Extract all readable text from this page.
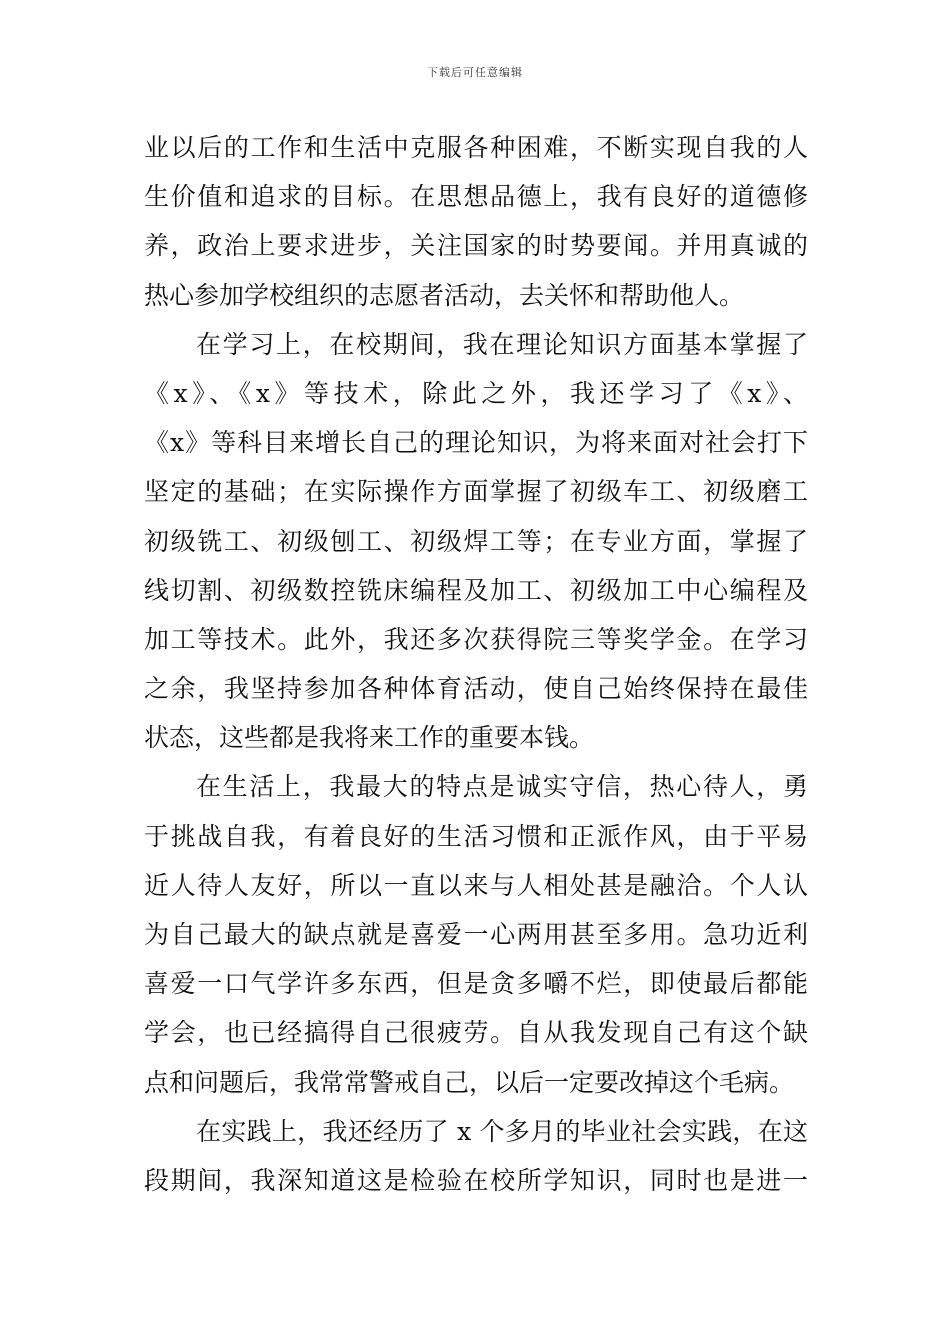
下载后可任意编辑
业以后的工作和生活中克服各种困难，不断实现自我的人
生价值和追求的目标。在思想品德上，我有良好的道德修
养，政治上要求进步，关注国家的时势要闻。并用真诚的
热心参加学校组织的志愿者活动，去关怀和帮助他人。
在学习上，在校期间，我在理论知识方面基本掌握了
《x》、《x》等技术，除此之外，我还学习了《x》、
《x》等科目来增长自己的理论知识，为将来面对社会打下
坚定的基础；在实际操作方面掌握了初级车工、初级磨工
初级铣工、初级刨工、初级焊工等；在专业方面，掌握了
线切割、初级数控铣床编程及加工、初级加工中心编程及
加工等技术。此外，我还多次获得院三等奖学金。在学习
之余，我坚持参加各种体育活动，使自己始终保持在最佳
状态，这些都是我将来工作的重要本钱。
在生活上，我最大的特点是诚实守信，热心待人，勇
于挑战自我，有着良好的生活习惯和正派作风，由于平易
近人待人友好，所以一直以来与人相处甚是融洽。个人认
为自己最大的缺点就是喜爱一心两用甚至多用。急功近利
喜爱一口气学许多东西，但是贪多嚼不烂，即使最后都能
学会，也已经搞得自己很疲劳。自从我发现自己有这个缺
点和问题后，我常常警戒自己，以后一定要改掉这个毛病。
在实践上，我还经历了 x 个多月的毕业社会实践，在这
段期间，我深知道这是检验在校所学知识，同时也是进一
